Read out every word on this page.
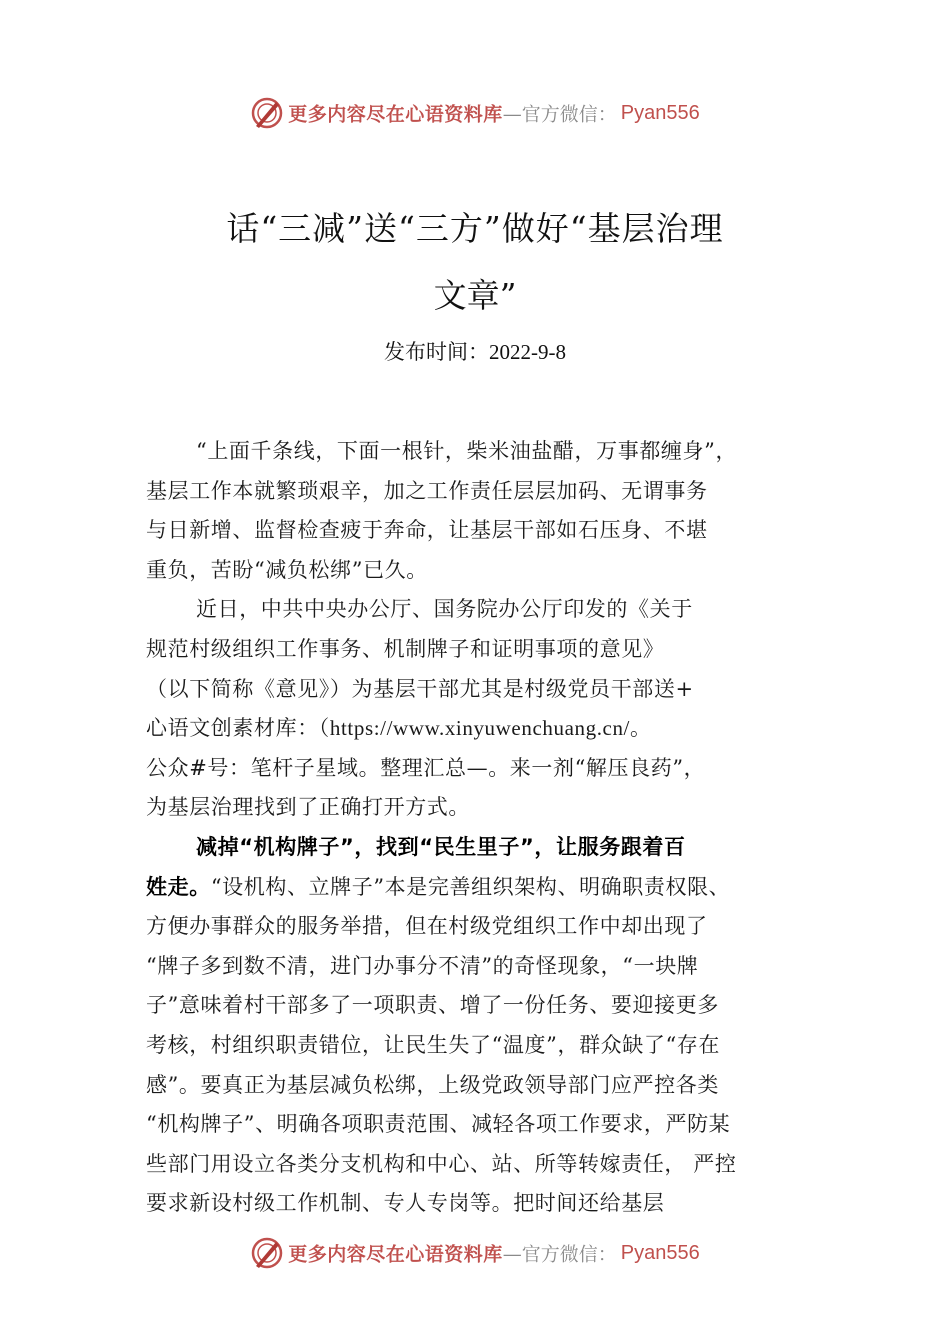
更多内容尽在心语资料库—官方微信： Pyan556
话“三减”送“三方”做好“基层治理
文章”
发布时间：2022-9-8
“上面千条线，下面一根针，柴米油盐醋，万事都缠身”，
基层工作本就繁琐艰辛，加之工作责任层层加码、无谓事务
与日新增、监督检查疲于奔命，让基层干部如石压身、不堪
重负，苦盼“减负松绑”已久。
近日，中共中央办公厅、国务院办公厅印发的《关于
规范村级组织工作事务、机制牌子和证明事项的意见》
（以下简称《意见》）为基层干部尤其是村级党员干部送+
心语文创素材库：（https://www.xinyuwenchuang.cn/。
公众#号：笔杆子星域。整理汇总—。来一剂“解压良药”，
为基层治理找到了正确打开方式。
减掉“机构牌子”，找到“民生里子”，让服务跟着百
姓走。“设机构、立牌子”本是完善组织架构、明确职责权限、
方便办事群众的服务举措，但在村级党组织工作中却出现了
“牌子多到数不清，进门办事分不清”的奇怪现象，“一块牌
子”意味着村干部多了一项职责、增了一份任务、要迎接更多
考核，村组织职责错位，让民生失了“温度”，群众缺了“存在
感”。要真正为基层减负松绑，上级党政领导部门应严控各类
“机构牌子”、明确各项职责范围、减轻各项工作要求，严防某
些部门用设立各类分支机构和中心、站、所等转嫁责任， 严控
要求新设村级工作机制、专人专岗等。把时间还给基层
更多内容尽在心语资料库—官方微信： Pyan556
